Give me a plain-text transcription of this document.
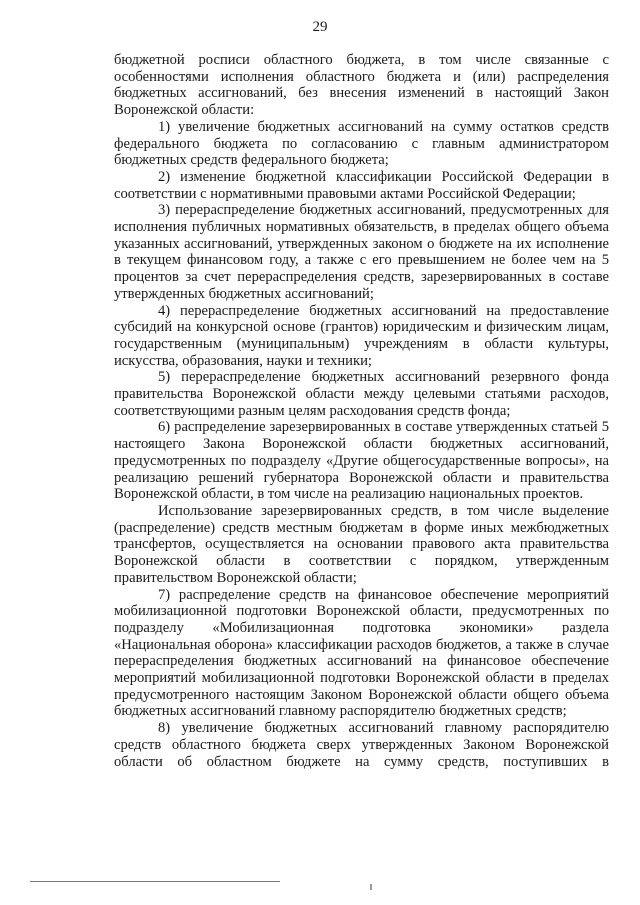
29

бюджетной росписи областного бюджета, в том числе связанные с особенностями исполнения областного бюджета и (или) распределения бюджетных ассигнований, без внесения изменений в настоящий Закон Воронежской области:

1) увеличение бюджетных ассигнований на сумму остатков средств федерального бюджета по согласованию с главным администратором бюджетных средств федерального бюджета;

2) изменение бюджетной классификации Российской Федерации в соответствии с нормативными правовыми актами Российской Федерации;

3) перераспределение бюджетных ассигнований, предусмотренных для исполнения публичных нормативных обязательств, в пределах общего объема указанных ассигнований, утвержденных законом о бюджете на их исполнение в текущем финансовом году, а также с его превышением не более чем на 5 процентов за счет перераспределения средств, зарезервированных в составе утвержденных бюджетных ассигнований;

4) перераспределение бюджетных ассигнований на предоставление субсидий на конкурсной основе (грантов) юридическим и физическим лицам, государственным (муниципальным) учреждениям в области культуры, искусства, образования, науки и техники;

5) перераспределение бюджетных ассигнований резервного фонда правительства Воронежской области между целевыми статьями расходов, соответствующими разным целям расходования средств фонда;

6) распределение зарезервированных в составе утвержденных статьей 5 настоящего Закона Воронежской области бюджетных ассигнований, предусмотренных по подразделу «Другие общегосударственные вопросы», на реализацию решений губернатора Воронежской области и правительства Воронежской области, в том числе на реализацию национальных проектов.

Использование зарезервированных средств, в том числе выделение (распределение) средств местным бюджетам в форме иных межбюджетных трансфертов, осуществляется на основании правового акта правительства Воронежской области в соответствии с порядком, утвержденным правительством Воронежской области;

7) распределение средств на финансовое обеспечение мероприятий мобилизационной подготовки Воронежской области, предусмотренных по подразделу «Мобилизационная подготовка экономики» раздела «Национальная оборона» классификации расходов бюджетов, а также в случае перераспределения бюджетных ассигнований на финансовое обеспечение мероприятий мобилизационной подготовки Воронежской области в пределах предусмотренного настоящим Законом Воронежской области общего объема бюджетных ассигнований главному распорядителю бюджетных средств;

8) увеличение бюджетных ассигнований главному распорядителю средств областного бюджета сверх утвержденных Законом Воронежской области об областном бюджете на сумму средств, поступивших в
